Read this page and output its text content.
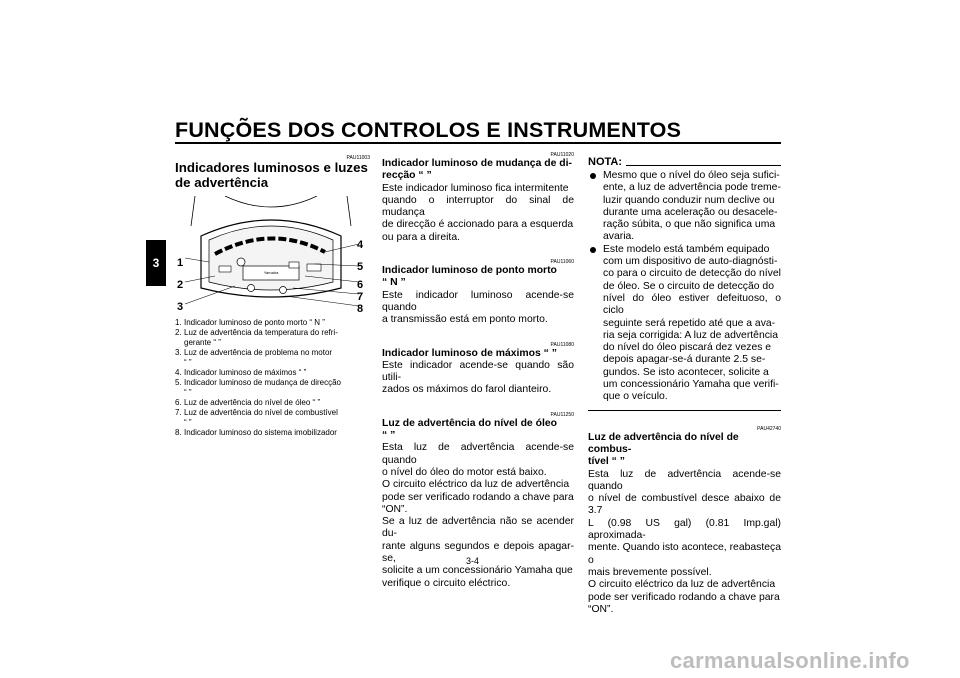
FUNÇÕES DOS CONTROLOS E INSTRUMENTOS
3
PAU11003
Indicadores luminosos e luzes
de advertência
Yamaha
1
2
3
4
5
6
7
8
1. Indicador luminoso de ponto morto “ N ”
2. Luz de advertência da temperatura do refri-
gerante “ ”
3. Luz de advertência de problema no motor
“ ”
4. Indicador luminoso de máximos “ ”
5. Indicador luminoso de mudança de direcção
“ ”
6. Luz de advertência do nível de óleo “ ”
7. Luz de advertência do nível de combustível
“ ”
8. Indicador luminoso do sistema imobilizador
PAU11020
Indicador luminoso de mudança de di-
recção “ ”
Este indicador luminoso fica intermitente
quando o interruptor do sinal de mudança
de direcção é accionado para a esquerda
ou para a direita.
PAU11060
Indicador luminoso de ponto morto
“ N ”
Este indicador luminoso acende-se quando
a transmissão está em ponto morto.
PAU11080
Indicador luminoso de máximos “ ”
Este indicador acende-se quando são utili-
zados os máximos do farol dianteiro.
PAU11250
Luz de advertência do nível de óleo
“ ”
Esta luz de advertência acende-se quando
o nível do óleo do motor está baixo.
O circuito eléctrico da luz de advertência
pode ser verificado rodando a chave para
“ON”.
Se a luz de advertência não se acender du-
rante alguns segundos e depois apagar-se,
solicite a um concessionário Yamaha que
verifique o circuito eléctrico.
NOTA:
Mesmo que o nível do óleo seja sufici-
ente, a luz de advertência pode treme-
luzir quando conduzir num declive ou
durante uma aceleração ou desacele-
ração súbita, o que não significa uma
avaria.
Este modelo está também equipado
com um dispositivo de auto-diagnósti-
co para o circuito de detecção do nível
de óleo. Se o circuito de detecção do
nível do óleo estiver defeituoso, o ciclo
seguinte será repetido até que a ava-
ria seja corrigida: A luz de advertência
do nível do óleo piscará dez vezes e
depois apagar-se-á durante 2.5 se-
gundos. Se isto acontecer, solicite a
um concessionário Yamaha que verifi-
que o veículo.
PAU42740
Luz de advertência do nível de combus-
tível “ ”
Esta luz de advertência acende-se quando
o nível de combustível desce abaixo de 3.7
L (0.98 US gal) (0.81 Imp.gal) aproximada-
mente. Quando isto acontece, reabasteça o
mais brevemente possível.
O circuito eléctrico da luz de advertência
pode ser verificado rodando a chave para
“ON”.
3-4
carmanualsonline.info
